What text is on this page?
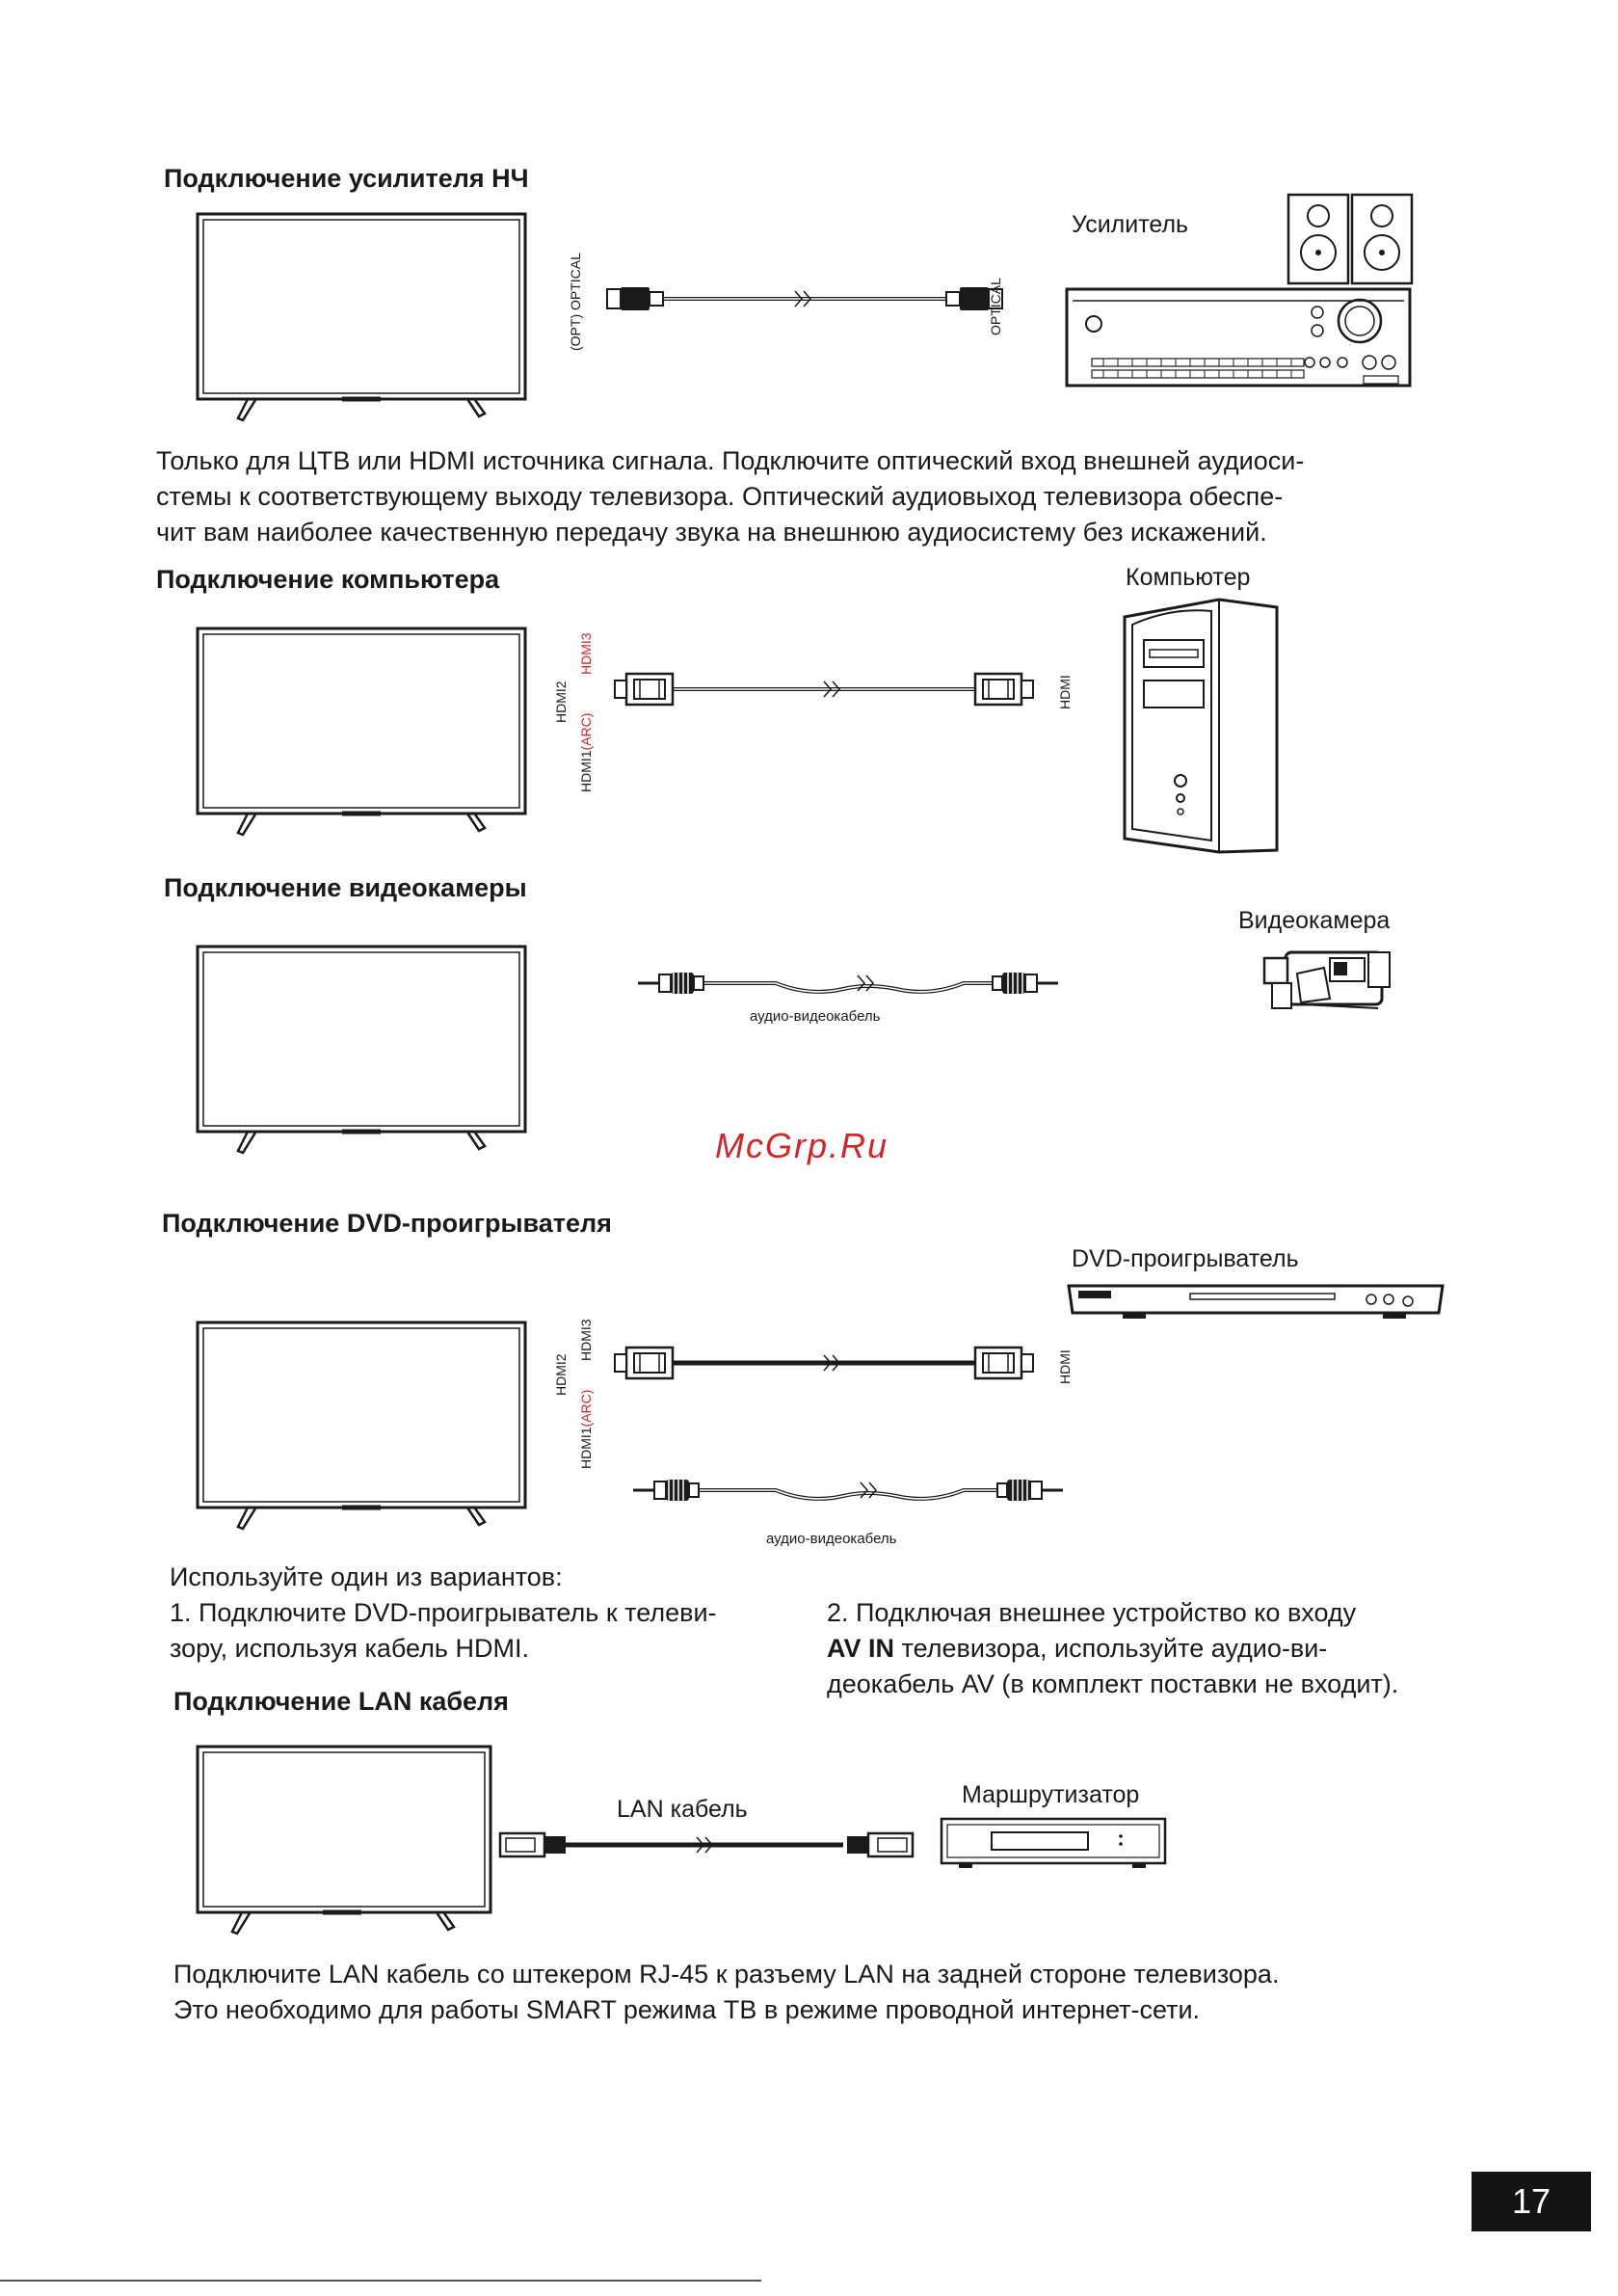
Подключение усилителя НЧ
(OPT) OPTICAL	OPTICAL
Усилитель
Только для ЦТВ или HDMI источника сигнала. Подключите оптический вход внешней аудиоси-
стемы к соответствующему выходу телевизора. Оптический аудиовыход телевизора обеспе-
чит вам наиболее качественную передачу звука на внешнюю аудиосистему без искажений.
Подключение компьютера
HDMI2
HDMI3
HDMI1(ARC)
HDMI
Компьютер
Подключение видеокамеры
аудио-видеокабель
Видеокамера
McGrp.Ru
Подключение DVD-проигрывателя
DVD-проигрыватель
HDMI2
HDMI3
HDMI1(ARC)
HDMI
аудио-видеокабель
Используйте один из вариантов:
1. Подключите DVD-проигрыватель к телеви-
зору, используя кабель HDMI.
2. Подключая внешнее устройство ко входу
AV IN телевизора, используйте аудио-ви-
деокабель AV (в комплект поставки не входит).
Подключение LAN кабеля
LAN кабель
Маршрутизатор
Подключите LAN кабель со штекером RJ-45 к разъему LAN на задней стороне телевизора.
Это необходимо для работы SMART режима ТВ в режиме проводной интернет-сети.
17
